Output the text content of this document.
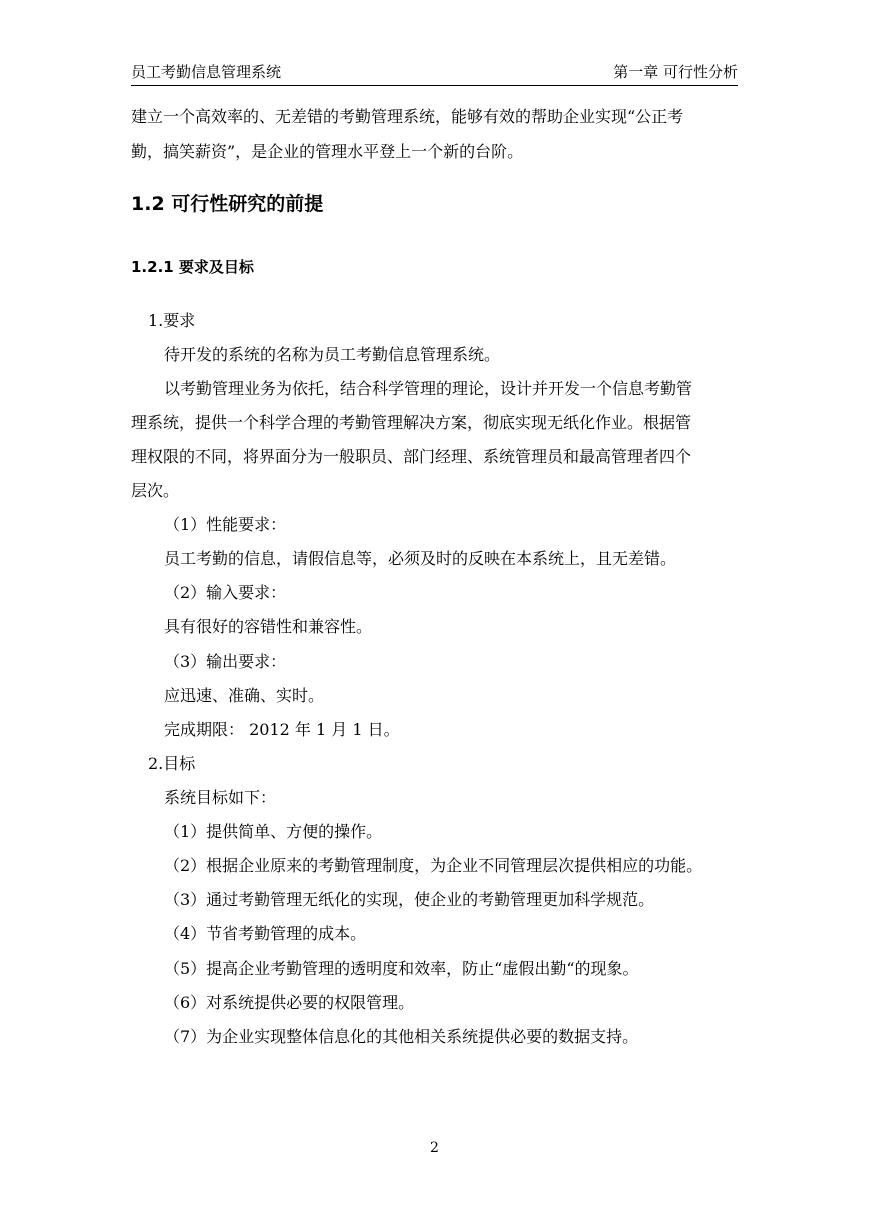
员工考勤信息管理系统	第一章 可行性分析
建立一个高效率的、无差错的考勤管理系统，能够有效的帮助企业实现“公正考
勤，搞笑薪资”，是企业的管理水平登上一个新的台阶。
1.2 可行性研究的前提
1.2.1 要求及目标
1.要求
待开发的系统的名称为员工考勤信息管理系统。
以考勤管理业务为依托，结合科学管理的理论，设计并开发一个信息考勤管
理系统，提供一个科学合理的考勤管理解决方案，彻底实现无纸化作业。根据管
理权限的不同，将界面分为一般职员、部门经理、系统管理员和最高管理者四个
层次。
（1）性能要求：
员工考勤的信息，请假信息等，必须及时的反映在本系统上，且无差错。
（2）输入要求：
具有很好的容错性和兼容性。
（3）输出要求：
应迅速、准确、实时。
完成期限： 2012 年 1 月 1 日。
2.目标
系统目标如下：
（1）提供简单、方便的操作。
（2）根据企业原来的考勤管理制度，为企业不同管理层次提供相应的功能。
（3）通过考勤管理无纸化的实现，使企业的考勤管理更加科学规范。
（4）节省考勤管理的成本。
（5）提高企业考勤管理的透明度和效率，防止“虚假出勤“的现象。
（6）对系统提供必要的权限管理。
（7）为企业实现整体信息化的其他相关系统提供必要的数据支持。
2
